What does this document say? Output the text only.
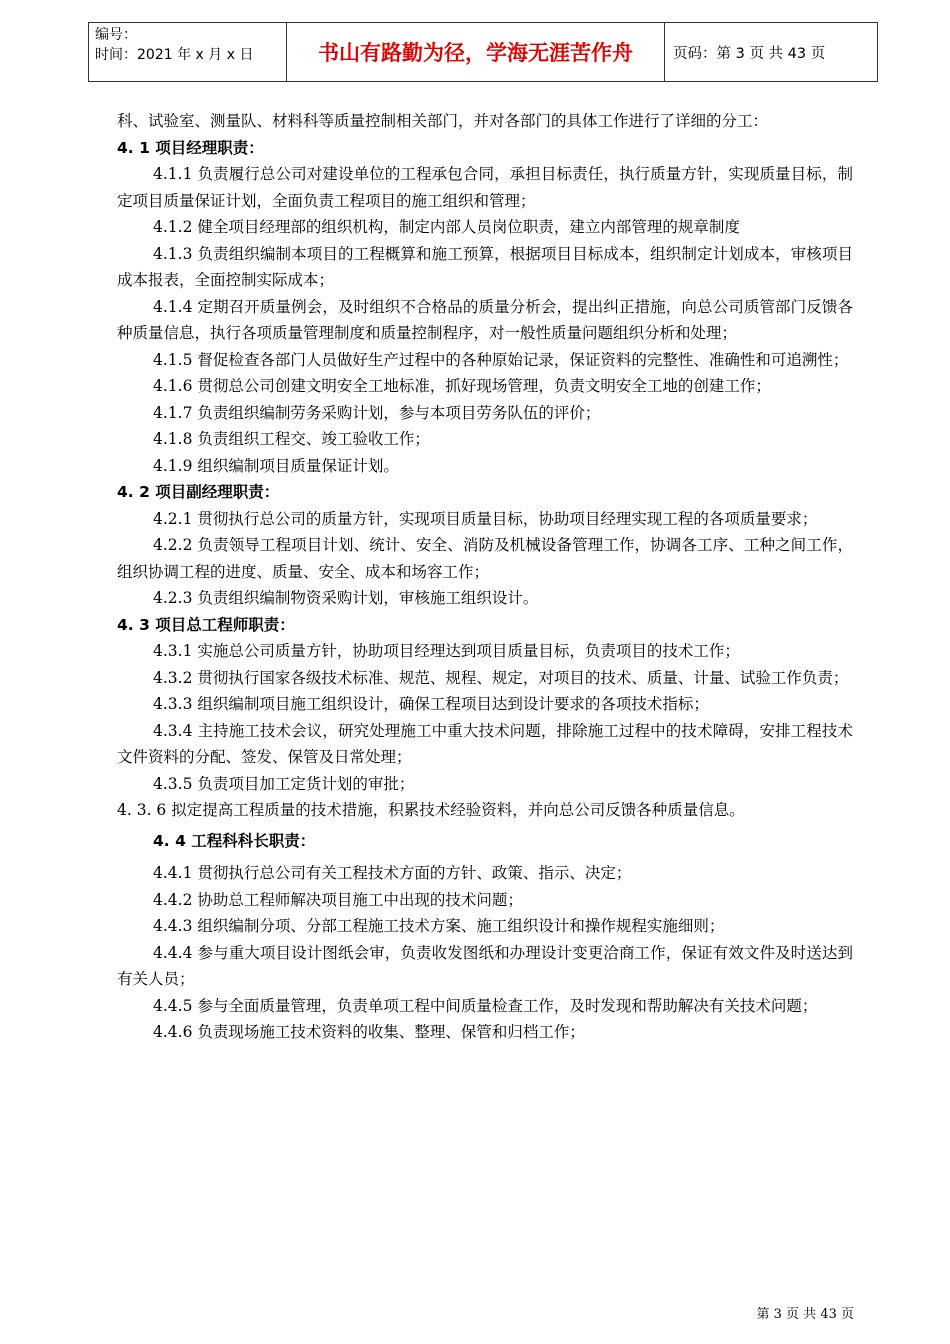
编号：
时间：2021 年 x 月 x 日	书山有路勤为径，学海无涯苦作舟	页码：第 3 页 共 43 页

科、试验室、测量队、材料科等质量控制相关部门，并对各部门的具体工作进行了详细的分工：

4. 1 项目经理职责：

4.1.1 负责履行总公司对建设单位的工程承包合同，承担目标责任，执行质量方针，实现质量目标，制定项目质量保证计划，全面负责工程项目的施工组织和管理；

4.1.2 健全项目经理部的组织机构，制定内部人员岗位职责，建立内部管理的规章制度

4.1.3 负责组织编制本项目的工程概算和施工预算，根据项目目标成本，组织制定计划成本，审核项目成本报表，全面控制实际成本；

4.1.4 定期召开质量例会，及时组织不合格品的质量分析会，提出纠正措施，向总公司质管部门反馈各种质量信息，执行各项质量管理制度和质量控制程序，对一般性质量问题组织分析和处理；

4.1.5 督促检查各部门人员做好生产过程中的各种原始记录，保证资料的完整性、准确性和可追溯性；

4.1.6 贯彻总公司创建文明安全工地标准，抓好现场管理，负责文明安全工地的创建工作；

4.1.7 负责组织编制劳务采购计划，参与本项目劳务队伍的评价；

4.1.8 负责组织工程交、竣工验收工作；

4.1.9 组织编制项目质量保证计划。

4. 2 项目副经理职责：

4.2.1 贯彻执行总公司的质量方针，实现项目质量目标，协助项目经理实现工程的各项质量要求；

4.2.2 负责领导工程项目计划、统计、安全、消防及机械设备管理工作，协调各工序、工种之间工作，组织协调工程的进度、质量、安全、成本和场容工作；

4.2.3 负责组织编制物资采购计划，审核施工组织设计。

4. 3 项目总工程师职责：

4.3.1 实施总公司质量方针，协助项目经理达到项目质量目标，负责项目的技术工作；

4.3.2 贯彻执行国家各级技术标准、规范、规程、规定，对项目的技术、质量、计量、试验工作负责；

4.3.3 组织编制项目施工组织设计，确保工程项目达到设计要求的各项技术指标；

4.3.4 主持施工技术会议，研究处理施工中重大技术问题，排除施工过程中的技术障碍，安排工程技术文件资料的分配、签发、保管及日常处理；

4.3.5 负责项目加工定货计划的审批；

4. 3. 6 拟定提高工程质量的技术措施，积累技术经验资料，并向总公司反馈各种质量信息。

4. 4 工程科科长职责：

4.4.1 贯彻执行总公司有关工程技术方面的方针、政策、指示、决定；

4.4.2 协助总工程师解决项目施工中出现的技术问题；

4.4.3 组织编制分项、分部工程施工技术方案、施工组织设计和操作规程实施细则；

4.4.4 参与重大项目设计图纸会审，负责收发图纸和办理设计变更洽商工作，保证有效文件及时送达到有关人员；

4.4.5 参与全面质量管理，负责单项工程中间质量检查工作，及时发现和帮助解决有关技术问题；

4.4.6 负责现场施工技术资料的收集、整理、保管和归档工作；

第 3 页 共 43 页
